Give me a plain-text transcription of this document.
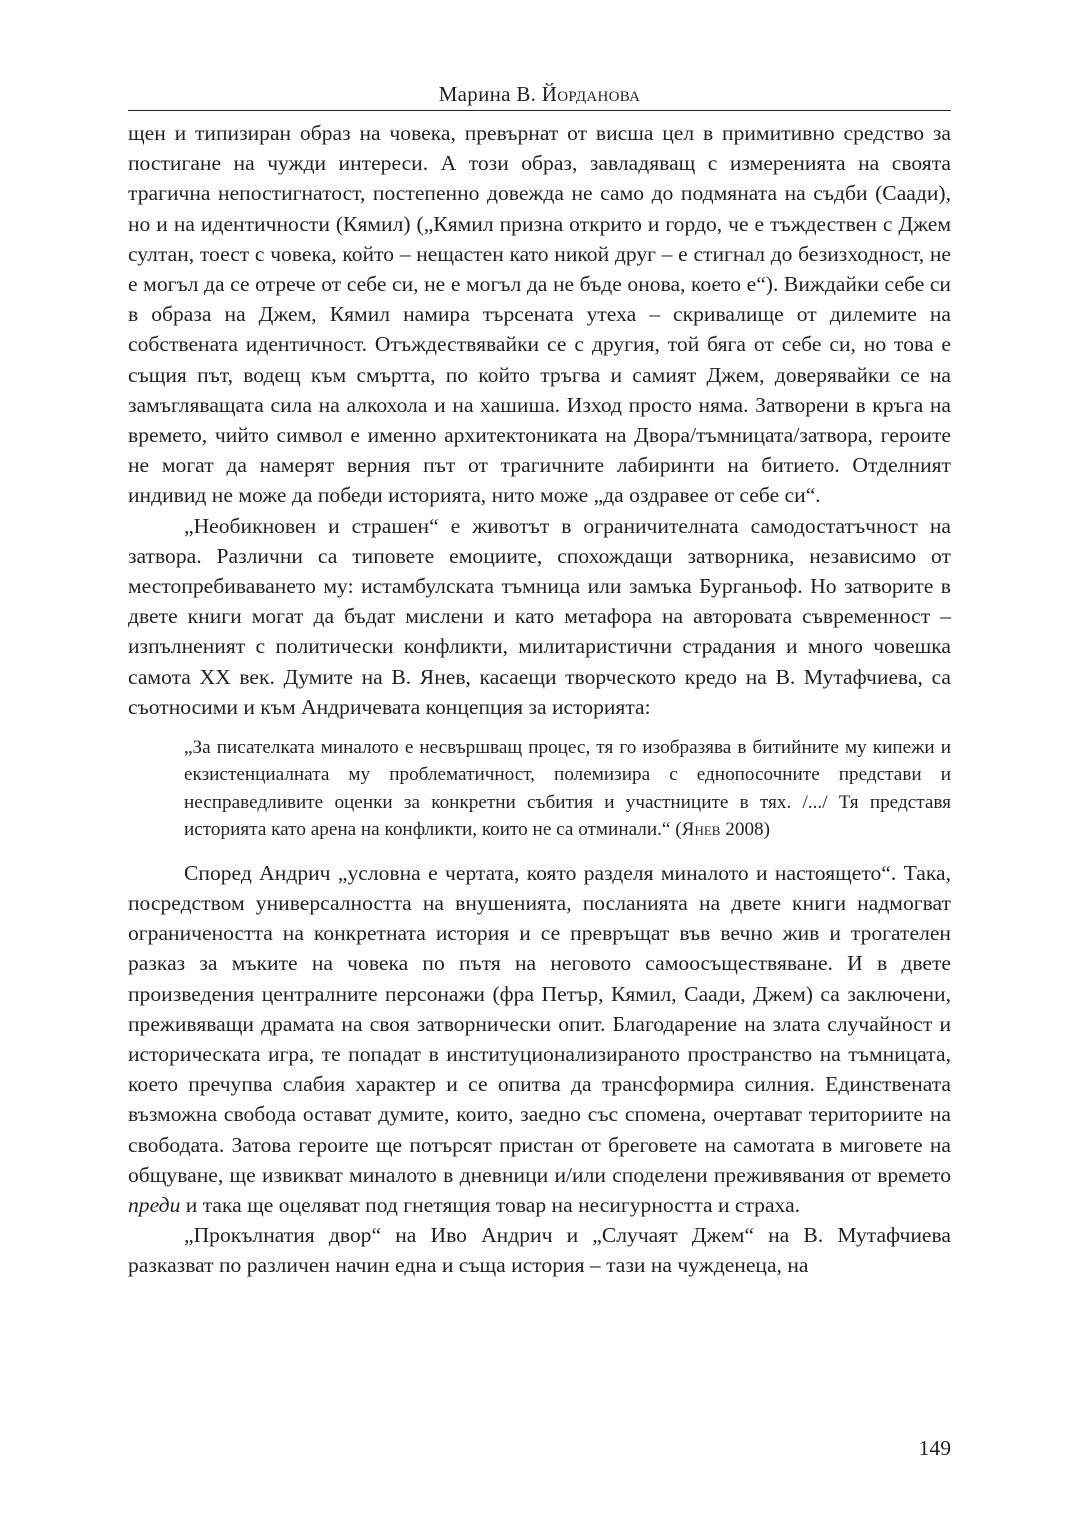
Марина В. Йорданова

щен и типизиран образ на човека, превърнат от висша цел в примитивно средство за постигане на чужди интереси. А този образ, завладяващ с измеренията на своята трагична непостигнатост, постепенно довежда не само до подмяната на съдби (Саади), но и на идентичности (Кямил) („Кямил призна открито и гордо, че е тъждествен с Джем султан, тоест с човека, който – нещастен като никой друг – е стигнал до безизходност, не е могъл да се отрече от себе си, не е могъл да не бъде онова, което е“). Виждайки себе си в образа на Джем, Кямил намира търсената утеха – скривалище от дилемите на собствената идентичност. Отъждествявайки се с другия, той бяга от себе си, но това е същия път, водещ към смъртта, по който тръгва и самият Джем, доверявайки се на замъгляващата сила на алкохола и на хашиша. Изход просто няма. Затворени в кръга на времето, чийто символ е именно архитектониката на Двора/тъмницата/затвора, героите не могат да намерят верния път от трагичните лабиринти на битието. Отделният индивид не може да победи историята, нито може „да оздравее от себе си“.

„Необикновен и страшен“ е животът в ограничителната самодостатъчност на затвора. Различни са типовете емоциите, спохождащи затворника, независимо от местопребиваването му: истамбулската тъмница или замъка Бурганьоф. Но затворите в двете книги могат да бъдат мислени и като метафора на авторовата съвременност – изпълненият с политически конфликти, милитаристични страдания и много човешка самота XX век. Думите на В. Янев, касаещи творческото кредо на В. Мутафчиева, са съотносими и към Андричевата концепция за историята:

„За писателката миналото е несвършващ процес, тя го изобразява в битийните му кипежи и екзистенциалната му проблематичност, полемизира с еднопосочните представи и несправедливите оценки за конкретни събития и участниците в тях. /.../ Тя представя историята като арена на конфликти, които не са отминали.“ (Янев 2008)

Според Андрич „условна е чертата, която разделя миналото и настоящето“. Така, посредством универсалността на внушенията, посланията на двете книги надмогват ограничеността на конкретната история и се превръщат във вечно жив и трогателен разказ за мъките на човека по пътя на неговото самоосъществяване. И в двете произведения централните персонажи (фра Петър, Кямил, Саади, Джем) са заключени, преживяващи драмата на своя затворнически опит. Благодарение на злата случайност и историческата игра, те попадат в институционализираното пространство на тъмницата, което пречупва слабия характер и се опитва да трансформира силния. Единствената възможна свобода остават думите, които, заедно със спомена, очертават териториите на свободата. Затова героите ще потърсят пристан от бреговете на самотата в миговете на общуване, ще извикват миналото в дневници и/или споделени преживявания от времето преди и така ще оцеляват под гнетящия товар на несигурността и страха.

„Прокълнатия двор“ на Иво Андрич и „Случаят Джем“ на В. Мутафчиева разказват по различен начин една и съща история – тази на чужденеца, на

149
